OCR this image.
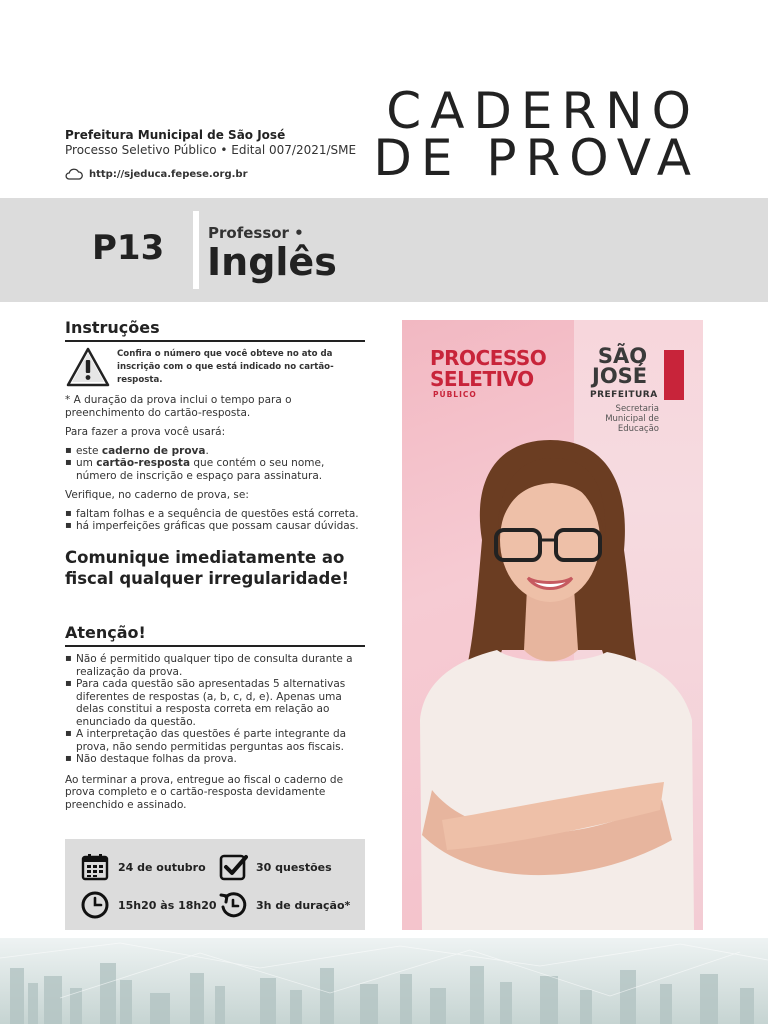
Prefeitura Municipal de São José
Processo Seletivo Público • Edital 007/2021/SME
http://sjeduca.fepese.org.br
CADERNO
DE PROVA
P13	Professor •
Inglês
Instruções
Confira o número que você obteve no ato da inscrição com o que está indicado no cartão-resposta.
* A duração da prova inclui o tempo para o preenchimento do cartão-resposta.
Para fazer a prova você usará:
▪ este caderno de prova.
▪ um cartão-resposta que contém o seu nome, número de inscrição e espaço para assinatura.
Verifique, no caderno de prova, se:
▪ faltam folhas e a sequência de questões está correta.
▪ há imperfeições gráficas que possam causar dúvidas.
Comunique imediatamente ao fiscal qualquer irregularidade!
Atenção!
▪ Não é permitido qualquer tipo de consulta durante a realização da prova.
▪ Para cada questão são apresentadas 5 alternativas diferentes de respostas (a, b, c, d, e). Apenas uma delas constitui a resposta correta em relação ao enunciado da questão.
▪ A interpretação das questões é parte integrante da prova, não sendo permitidas perguntas aos fiscais.
▪ Não destaque folhas da prova.
Ao terminar a prova, entregue ao fiscal o caderno de prova completo e o cartão-resposta devidamente preenchido e assinado.
24 de outubro	30 questões
15h20 às 18h20	3h de duração*
PROCESSO
SELETIVO
PÚBLICO
SÃO
JOSÉ
PREFEITURA
Secretaria Municipal de Educação
